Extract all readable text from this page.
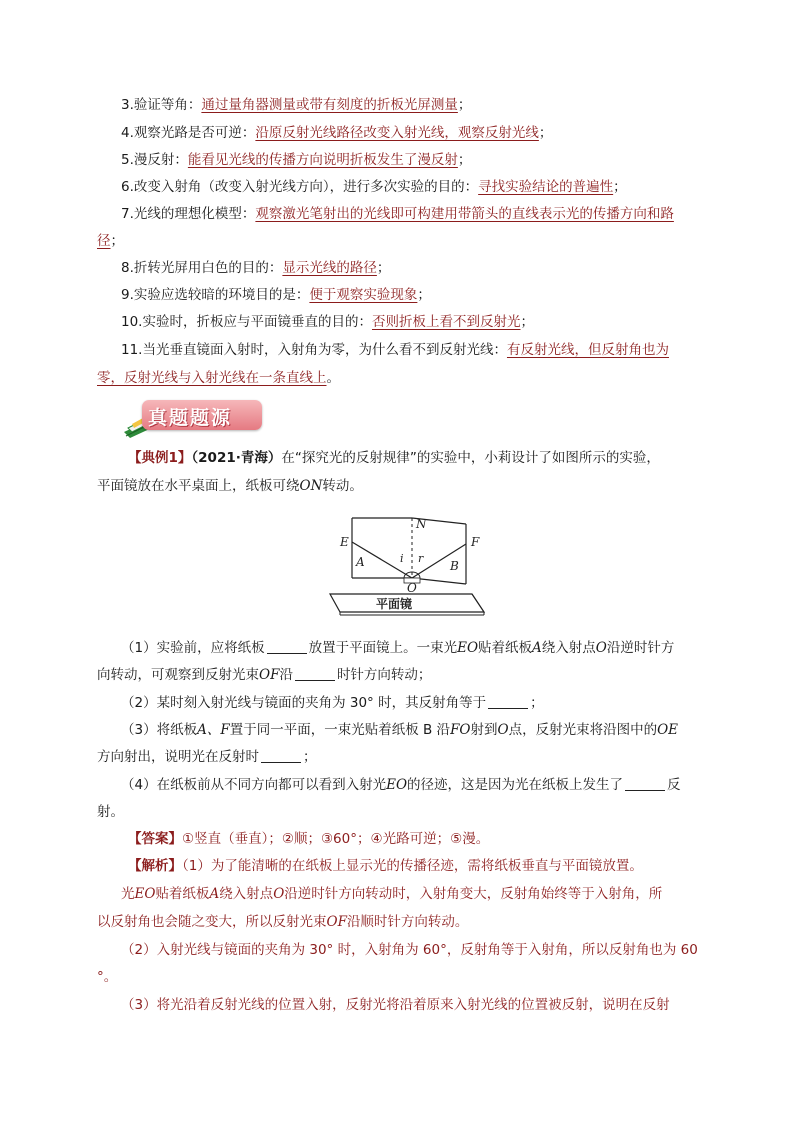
3.验证等角：通过量角器测量或带有刻度的折板光屏测量；
4.观察光路是否可逆：沿原反射光线路径改变入射光线，观察反射光线；
5.漫反射：能看见光线的传播方向说明折板发生了漫反射；
6.改变入射角（改变入射光线方向），进行多次实验的目的：寻找实验结论的普遍性；
7.光线的理想化模型：观察激光笔射出的光线即可构建用带箭头的直线表示光的传播方向和路
径；
8.折转光屏用白色的目的：显示光线的路径；
9.实验应选较暗的环境目的是：便于观察实验现象；
10.实验时，折板应与平面镜垂直的目的：否则折板上看不到反射光；
11.当光垂直镜面入射时，入射角为零，为什么看不到反射光线：有反射光线，但反射角也为
零，反射光线与入射光线在一条直线上。
真题题源
【典例1】（2021·青海）在“探究光的反射规律”的实验中，小莉设计了如图所示的实验，
平面镜放在水平桌面上，纸板可绕ON转动。
E	F
N
A	B
i r
O
平面镜
（1）实验前，应将纸板	放置于平面镜上。一束光EO贴着纸板A绕入射点O沿逆时针方
向转动，可观察到反射光束OF沿	时针方向转动；
（2）某时刻入射光线与镜面的夹角为 30° 时，其反射角等于	；
（3）将纸板A、F置于同一平面，一束光贴着纸板 B 沿FO射到O点，反射光束将沿图中的OE
方向射出，说明光在反射时	；
（4）在纸板前从不同方向都可以看到入射光EO的径迹，这是因为光在纸板上发生了	反
射。
【答案】①竖直（垂直）；②顺；③60°；④光路可逆；⑤漫。
【解析】（1）为了能清晰的在纸板上显示光的传播径迹，需将纸板垂直与平面镜放置。
光EO贴着纸板A绕入射点O沿逆时针方向转动时，入射角变大，反射角始终等于入射角，所
以反射角也会随之变大，所以反射光束OF沿顺时针方向转动。
（2）入射光线与镜面的夹角为 30° 时，入射角为 60°，反射角等于入射角，所以反射角也为 60
°。
（3）将光沿着反射光线的位置入射，反射光将沿着原来入射光线的位置被反射，说明在反射
